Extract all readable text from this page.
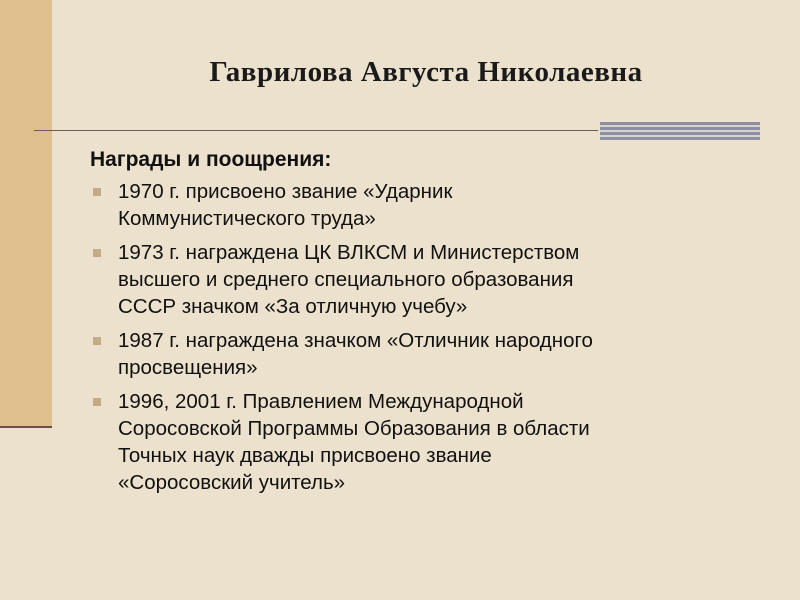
Гаврилова Августа Николаевна
Награды и поощрения:
1970 г. присвоено звание «Ударник
Коммунистического труда»
1973 г. награждена ЦК ВЛКСМ и Министерством
высшего и среднего специального образования
СССР значком «За отличную учебу»
1987 г. награждена значком «Отличник народного
просвещения»
1996, 2001 г. Правлением Международной
Соросовской Программы Образования в области
Точных наук дважды присвоено звание
«Соросовский учитель»
